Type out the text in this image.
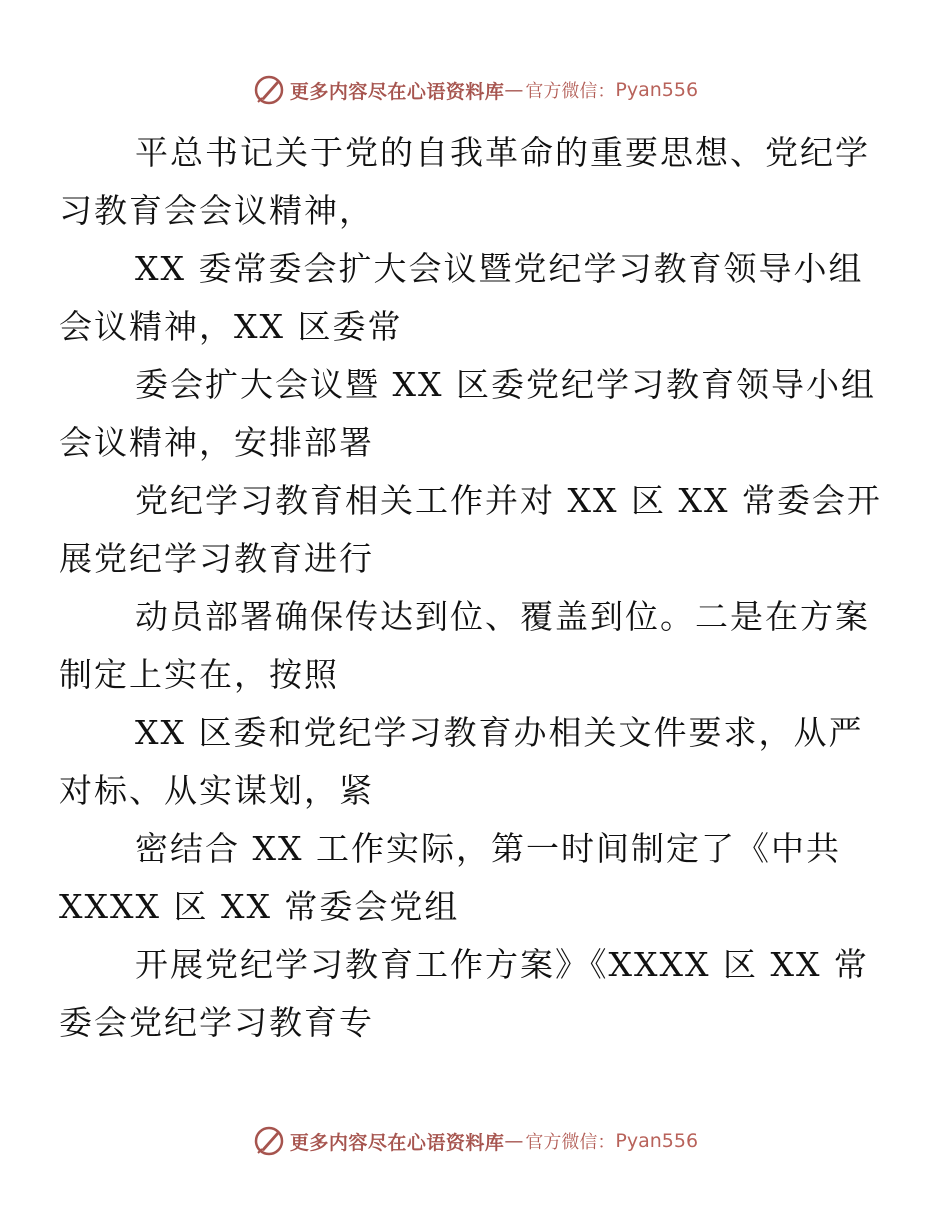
更多内容尽在心语资料库 — 官方微信： Pyan556

平总书记关于党的自我革命的重要思想、党纪学
习教育会会议精神，

XX 委常委会扩大会议暨党纪学习教育领导小组
会议精神，XX 区委常

委会扩大会议暨 XX 区委党纪学习教育领导小组
会议精神，安排部署

党纪学习教育相关工作并对 XX 区 XX 常委会开
展党纪学习教育进行

动员部署确保传达到位、覆盖到位。二是在方案
制定上实在，按照

XX 区委和党纪学习教育办相关文件要求，从严
对标、从实谋划，紧

密结合 XX 工作实际，第一时间制定了《中共
XXXX 区 XX 常委会党组

开展党纪学习教育工作方案》《XXXX 区 XX 常
委会党纪学习教育专

更多内容尽在心语资料库 — 官方微信： Pyan556
